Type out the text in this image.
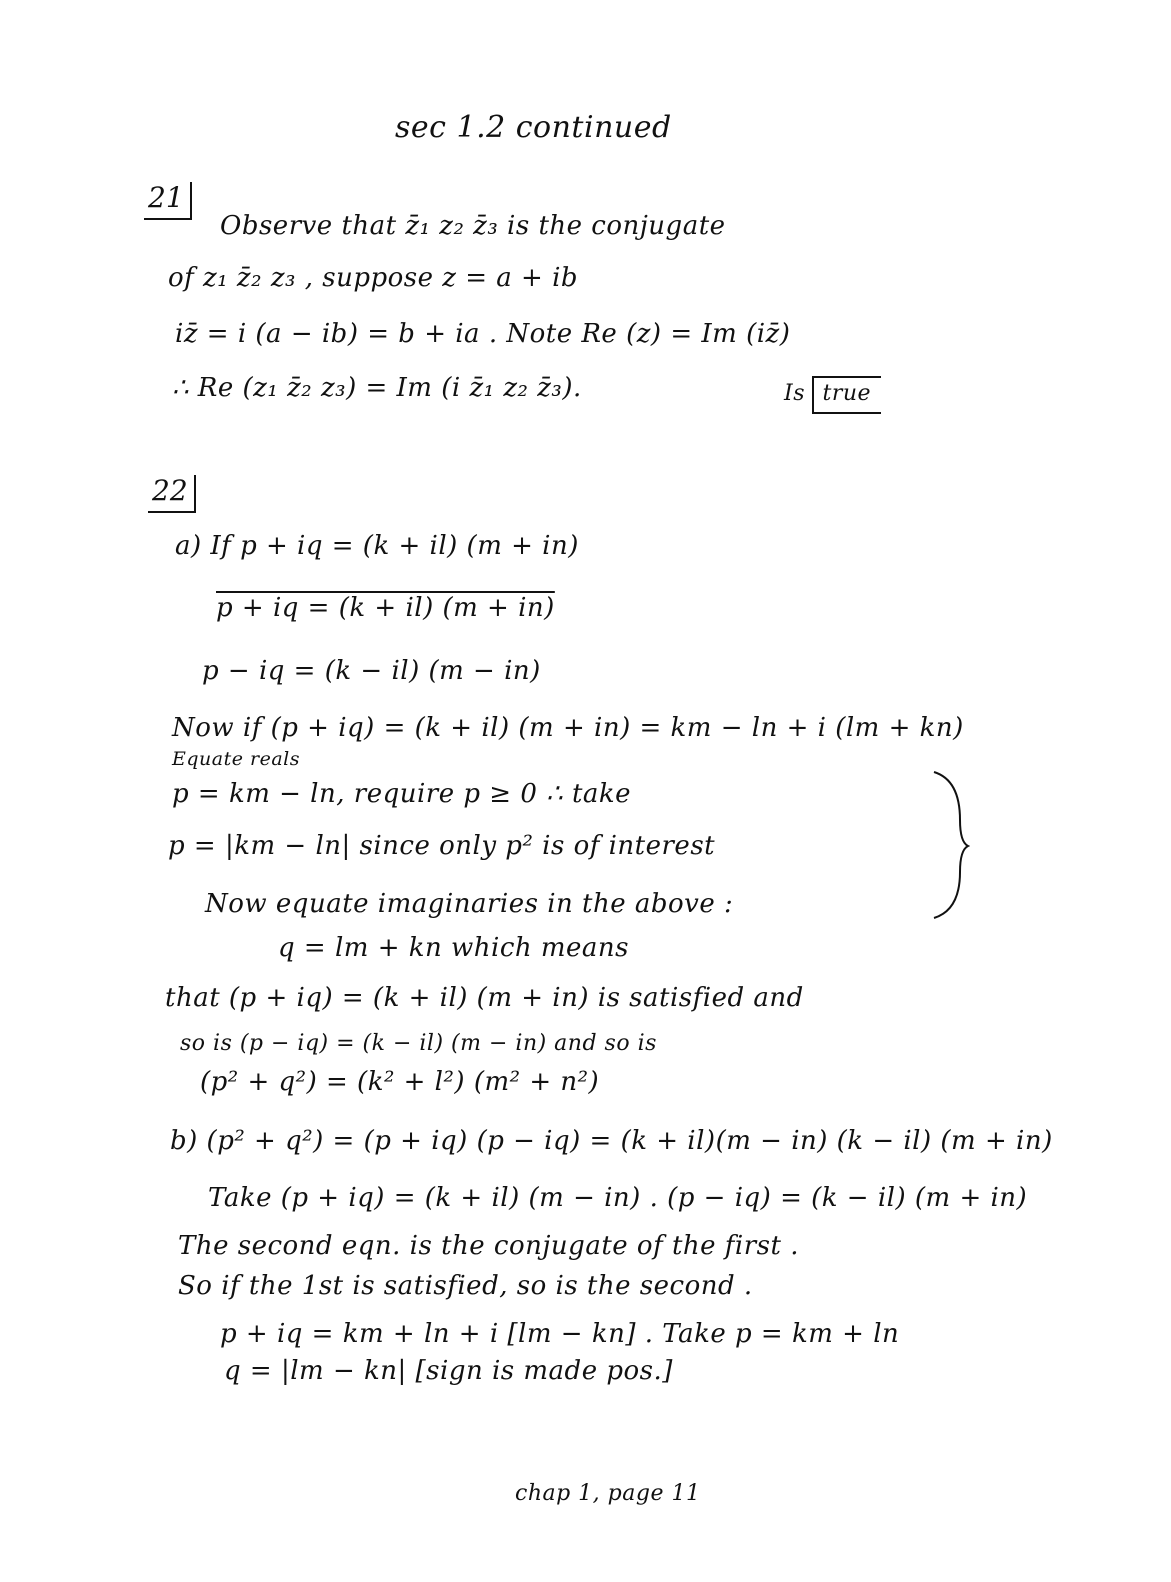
sec 1.2 continued
21
Observe that z̄₁ z₂ z̄₃ is the conjugate
of z₁ z̄₂ z₃ , suppose z = a + ib
iz̄ = i (a − ib) = b + ia . Note Re (z) = Im (iz̄)
∴ Re (z₁ z̄₂ z₃) = Im (i z̄₁ z₂ z̄₃).	Is true
22
a) If p + iq = (k + il) (m + in)
p + iq = (k + il) (m + in)
p − iq = (k − il) (m − in)
Now if (p + iq) = (k + il) (m + in) = km − ln + i (lm + kn)
Equate reals
p = km − ln, require p ≥ 0 ∴ take
p = |km − ln| since only p² is of interest
Now equate imaginaries in the above :
q = lm + kn which means
that (p + iq) = (k + il) (m + in) is satisfied and
so is (p − iq) = (k − il) (m − in) and so is
(p² + q²) = (k² + l²) (m² + n²)
b) (p² + q²) = (p + iq) (p − iq) = (k + il)(m − in) (k − il) (m + in)
Take (p + iq) = (k + il) (m − in) . (p − iq) = (k − il) (m + in)
The second eqn. is the conjugate of the first .
So if the 1st is satisfied, so is the second .
p + iq = km + ln + i [lm − kn] . Take p = km + ln
q = |lm − kn| [sign is made pos.]
chap 1, page 11
